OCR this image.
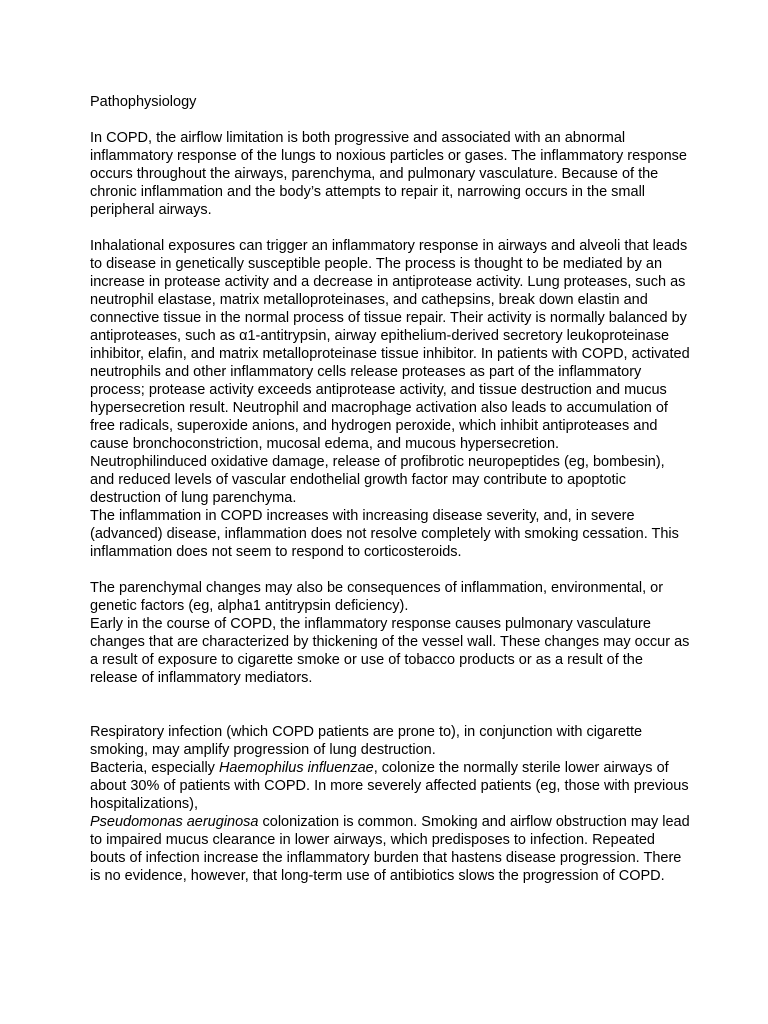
Pathophysiology

In COPD, the airflow limitation is both progressive and associated with an abnormal inflammatory response of the lungs to noxious particles or gases. The inflammatory response occurs throughout the airways, parenchyma, and pulmonary vasculature. Because of the chronic inflammation and the body’s attempts to repair it, narrowing occurs in the small peripheral airways.

Inhalational exposures can trigger an inflammatory response in airways and alveoli that leads to disease in genetically susceptible people. The process is thought to be mediated by an increase in protease activity and a decrease in antiprotease activity. Lung proteases, such as neutrophil elastase, matrix metalloproteinases, and cathepsins, break down elastin and connective tissue in the normal process of tissue repair. Their activity is normally balanced by antiproteases, such as α1-antitrypsin, airway epithelium-derived secretory leukoproteinase inhibitor, elafin, and matrix metalloproteinase tissue inhibitor. In patients with COPD, activated neutrophils and other inflammatory cells release proteases as part of the inflammatory process; protease activity exceeds antiprotease activity, and tissue destruction and mucus hypersecretion result. Neutrophil and macrophage activation also leads to accumulation of free radicals, superoxide anions, and hydrogen peroxide, which inhibit antiproteases and cause bronchoconstriction, mucosal edema, and mucous hypersecretion.

Neutrophilinduced oxidative damage, release of profibrotic neuropeptides (eg, bombesin), and reduced levels of vascular endothelial growth factor may contribute to apoptotic destruction of lung parenchyma.

The inflammation in COPD increases with increasing disease severity, and, in severe (advanced) disease, inflammation does not resolve completely with smoking cessation. This inflammation does not seem to respond to corticosteroids.

The parenchymal changes may also be consequences of inflammation, environmental, or genetic factors (eg, alpha1 antitrypsin deficiency).

Early in the course of COPD, the inflammatory response causes pulmonary vasculature changes that are characterized by thickening of the vessel wall. These changes may occur as a result of exposure to cigarette smoke or use of tobacco products or as a result of the release of inflammatory mediators.

Respiratory infection (which COPD patients are prone to), in conjunction with cigarette smoking, may amplify progression of lung destruction.

Bacteria, especially Haemophilus influenzae, colonize the normally sterile lower airways of about 30% of patients with COPD. In more severely affected patients (eg, those with previous hospitalizations),

Pseudomonas aeruginosa colonization is common. Smoking and airflow obstruction may lead to impaired mucus clearance in lower airways, which predisposes to infection. Repeated bouts of infection increase the inflammatory burden that hastens disease progression. There is no evidence, however, that long-term use of antibiotics slows the progression of COPD.
